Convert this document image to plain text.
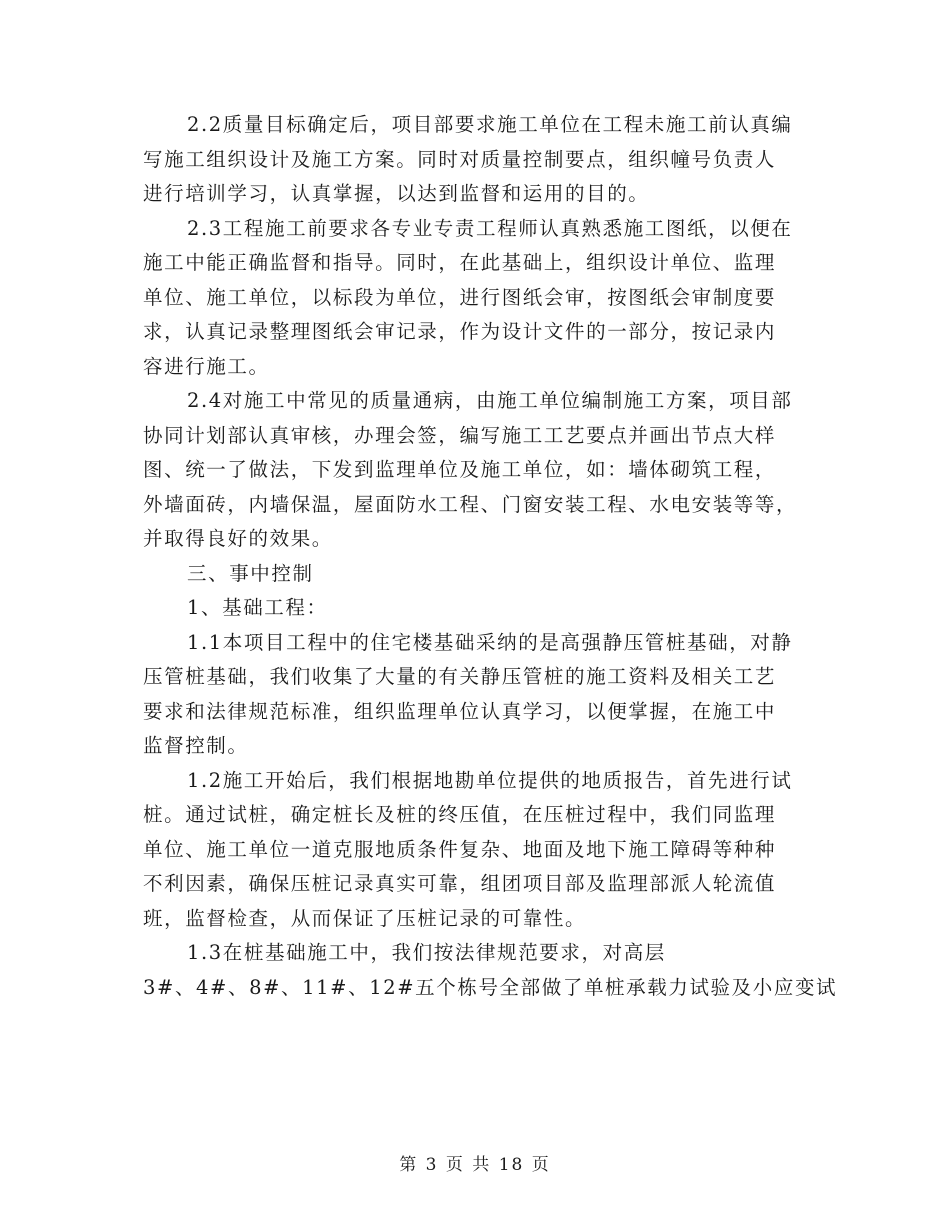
2.2质量目标确定后，项目部要求施工单位在工程未施工前认真编
写施工组织设计及施工方案。同时对质量控制要点，组织幢号负责人
进行培训学习，认真掌握，以达到监督和运用的目的。
2.3工程施工前要求各专业专责工程师认真熟悉施工图纸，以便在
施工中能正确监督和指导。同时，在此基础上，组织设计单位、监理
单位、施工单位，以标段为单位，进行图纸会审，按图纸会审制度要
求，认真记录整理图纸会审记录，作为设计文件的一部分，按记录内
容进行施工。
2.4对施工中常见的质量通病，由施工单位编制施工方案，项目部
协同计划部认真审核，办理会签，编写施工工艺要点并画出节点大样
图、统一了做法，下发到监理单位及施工单位，如：墙体砌筑工程，
外墙面砖，内墙保温，屋面防水工程、门窗安装工程、水电安装等等，
并取得良好的效果。
三、事中控制
1、基础工程：
1.1本项目工程中的住宅楼基础采纳的是高强静压管桩基础，对静
压管桩基础，我们收集了大量的有关静压管桩的施工资料及相关工艺
要求和法律规范标准，组织监理单位认真学习，以便掌握，在施工中
监督控制。
1.2施工开始后，我们根据地勘单位提供的地质报告，首先进行试
桩。通过试桩，确定桩长及桩的终压值，在压桩过程中，我们同监理
单位、施工单位一道克服地质条件复杂、地面及地下施工障碍等种种
不利因素，确保压桩记录真实可靠，组团项目部及监理部派人轮流值
班，监督检查，从而保证了压桩记录的可靠性。
1.3在桩基础施工中，我们按法律规范要求，对高层
3#、4#、8#、11#、12#五个栋号全部做了单桩承载力试验及小应变试
第 3 页 共 18 页
